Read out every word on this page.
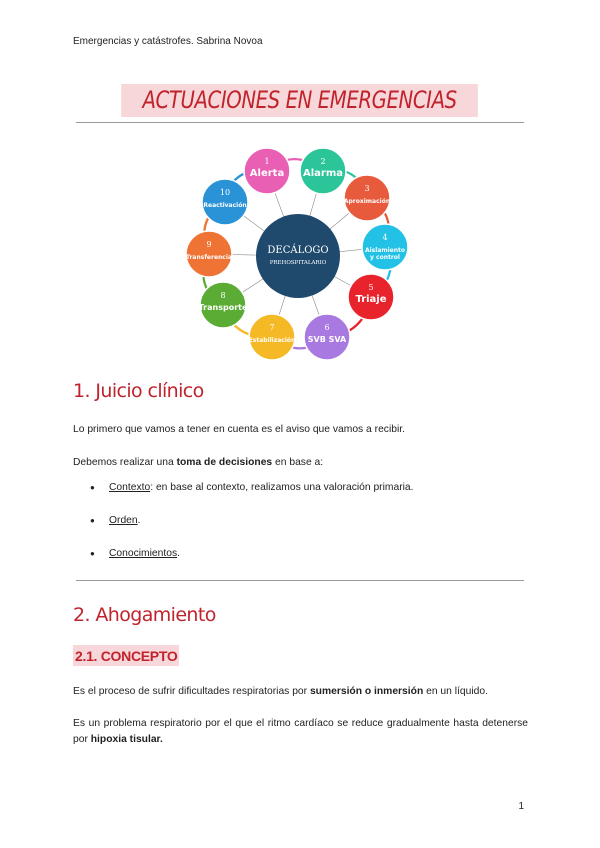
Emergencias y catástrofes. Sabrina Novoa
ACTUACIONES EN EMERGENCIAS
DECÁLOGO
PREHOSPITALARIO
1
Alerta
2
Alarma
3
Aproximación
4
Aislamiento
y control
5
Triaje
6
SVB SVA
7
Estabilización
8
Transporte
9
Transferencia
10
Reactivación
1. Juicio clínico

Lo primero que vamos a tener en cuenta es el aviso que vamos a recibir.

Debemos realizar una toma de decisiones en base a:

● Contexto: en base al contexto, realizamos una valoración primaria.
● Orden.
● Conocimientos.
2. Ahogamiento
2.1. CONCEPTO

Es el proceso de sufrir dificultades respiratorias por sumersión o inmersión en un líquido.

Es un problema respiratorio por el que el ritmo cardíaco se reduce gradualmente hasta detenerse por hipoxia tisular.

1
